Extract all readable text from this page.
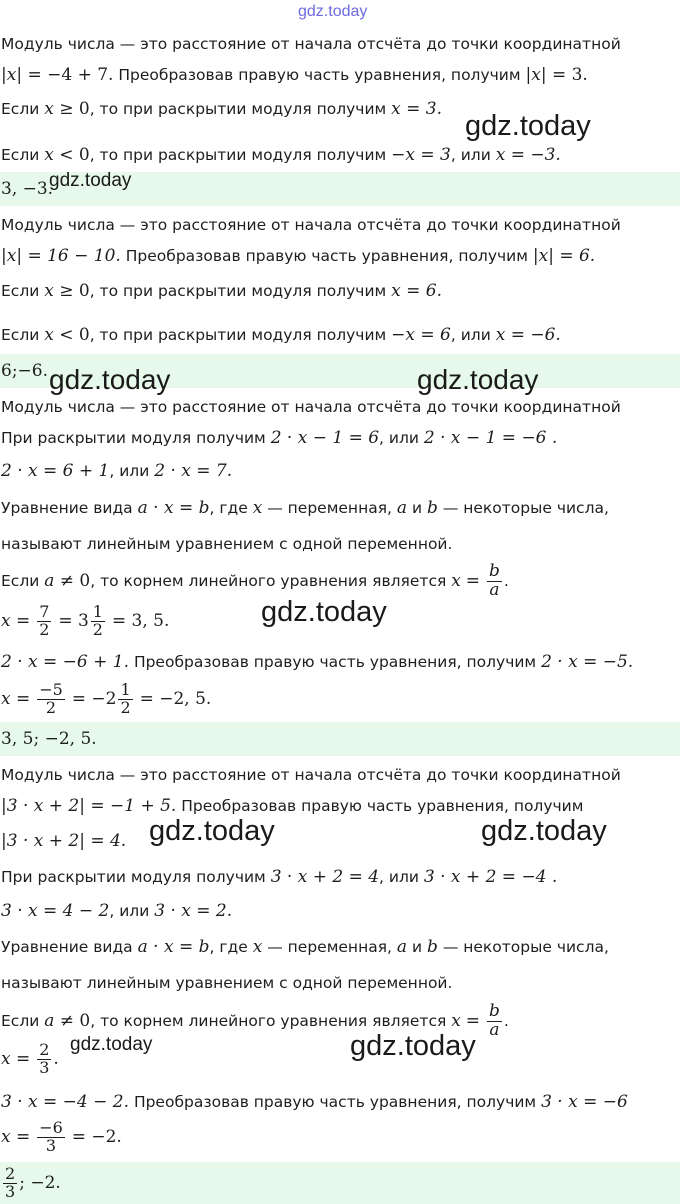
Модуль числа — это расстояние от начала отсчёта до точки координатной
|x| = −4 + 7. Преобразовав правую часть уравнения, получим |x| = 3.
Если x ≥ 0, то при раскрытии модуля получим x = 3.
Если x < 0, то при раскрытии модуля получим −x = 3, или x = −3.
3, −3.
Модуль числа — это расстояние от начала отсчёта до точки координатной
|x| = 16 − 10. Преобразовав правую часть уравнения, получим |x| = 6.
Если x ≥ 0, то при раскрытии модуля получим x = 6.
Если x < 0, то при раскрытии модуля получим −x = 6, или x = −6.
6;−6.
Модуль числа — это расстояние от начала отсчёта до точки координатной
При раскрытии модуля получим 2 · x − 1 = 6, или 2 · x − 1 = −6 .
2 · x = 6 + 1, или 2 · x = 7.
Уравнение вида a · x = b, где x — переменная, a и b — некоторые числа,
называют линейным уравнением с одной переменной.
Если a ≠ 0, то корнем линейного уравнения является $x = \frac{b}{a}$ .
$x = \frac{7}{2} = 3 \frac{1}{2} = 3$, 5.
2 · x = −6 + 1. Преобразовав правую часть уравнения, получим 2 · x = −5.
$x = \frac{-5}{2} = -2 \frac{1}{2} = -2$, 5.
3, 5; −2, 5.
Модуль числа — это расстояние от начала отсчёта до точки координатной
|3 · x + 2| = −1 + 5. Преобразовав правую часть уравнения, получим
|3 · x + 2| = 4.
При раскрытии модуля получим 3 · x + 2 = 4, или 3 · x + 2 = −4 .
3 · x = 4 − 2, или 3 · x = 2.
Уравнение вида a · x = b, где x — переменная, a и b — некоторые числа,
называют линейным уравнением с одной переменной.
Если a ≠ 0, то корнем линейного уравнения является $x = \frac{b}{a}$ .
$x = \frac{2}{3}$ .
3 · x = −4 − 2. Преобразовав правую часть уравнения, получим 3 · x = −6
$x = \frac{-6}{3} = -2$.
$\frac{2}{3}$ ; −2.
gdz.today
gdz.today
gdz.today
gdz.today	gdz.today
gdz.today
gdz.today	gdz.today
gdz.today	gdz.today
